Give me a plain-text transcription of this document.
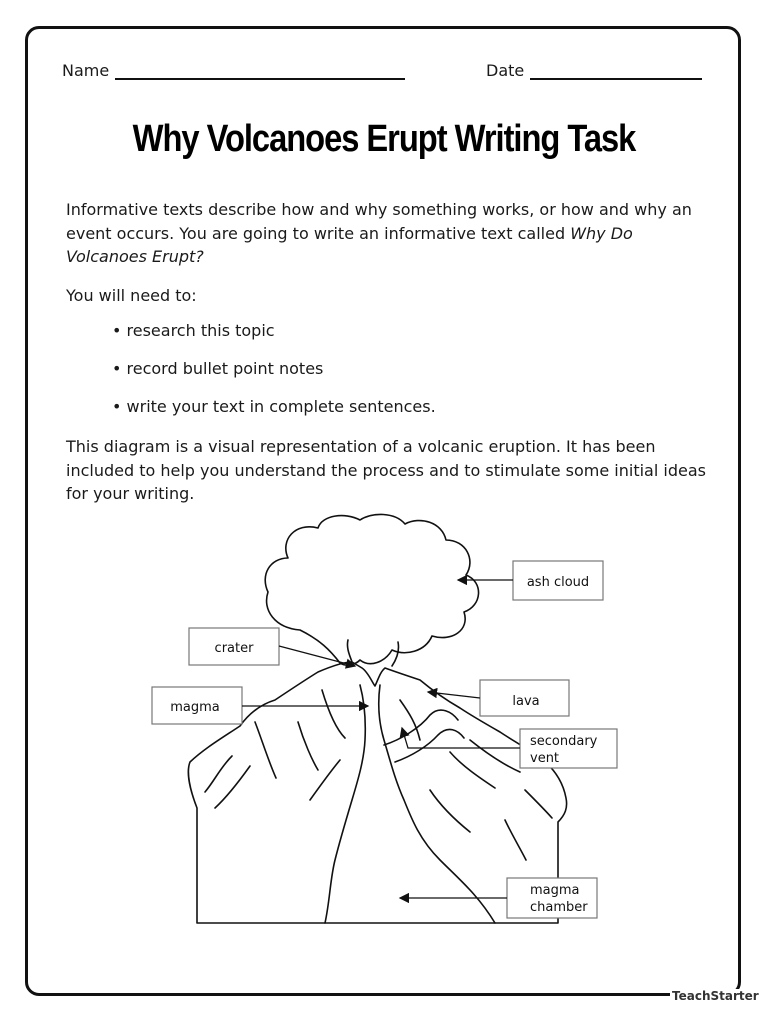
Name	Date
Why Volcanoes Erupt Writing Task
Informative texts describe how and why something works, or how and why an event occurs. You are going to write an informative text called Why Do Volcanoes Erupt?
You will need to:
• research this topic
• record bullet point notes
• write your text in complete sentences.
This diagram is a visual representation of a volcanic eruption. It has been included to help you understand the process and to stimulate some initial ideas for your writing.
ash cloud
crater
magma	lava
secondary
vent
magma
chamber
TeachStarter
